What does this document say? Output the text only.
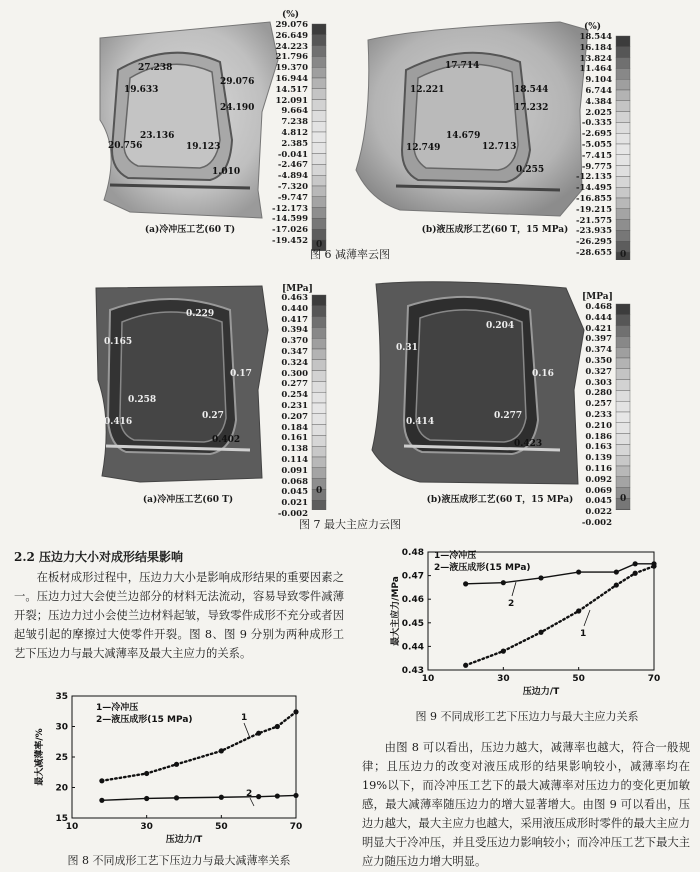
27.238
19.633
29.076
24.190
23.136
20.756	19.123
1.010
17.714
12.221	18.544
17.232
14.679
12.749	12.713
0.255
(%)
29.076
26.649
24.223
21.796
19.370
16.944
14.517
12.091
9.664
7.238
4.812
2.385
-0.041
-2.467
-4.894
-7.320
-9.747
-12.173
-14.599
-17.026
-19.452 0
(%)
18.544
16.184
13.824
11.464
9.104
6.744
4.384
2.025
-0.335
-2.695
-5.055
-7.415
-9.775
-12.135
-14.495
-16.855
-19.215
-21.575
-23.935
-26.295
-28.655 0
(a)冷冲压工艺(60 T)	(b)液压成形工艺(60 T，15 MPa)
图 6 减薄率云图
0.229
0.165
0.17
0.258
0.416
0.27
0.402
0.204
0.31
0.16
0.414
0.277
0.423
[MPa]
0.463
0.440
0.417
0.394
0.370
0.347
0.324
0.300
0.277
0.254
0.231
0.207
0.184
0.161
0.138
0.114
0.091
0.068
0.045
0.021
-0.002
0
[MPa]
0.468
0.444
0.421
0.397
0.374
0.350
0.327
0.303
0.280
0.257
0.233
0.210
0.186
0.163
0.139
0.116
0.092
0.069
0.045
0.022
-0.002
0
(a)冷冲压工艺(60 T)	(b)液压成形工艺(60 T，15 MPa)
图 7 最大主应力云图
2.2 压边力大小对成形结果影响

在板材成形过程中，压边力大小是影响成形结果的重要因素之一。压边力过大会使兰边部分的材料无法流动，容易导致零件减薄开裂；压边力过小会使兰边材料起皱，导致零件成形不充分或者因起皱引起的摩擦过大使零件开裂。图 8、图 9 分别为两种成形工艺下压边力与最大减薄率及最大主应力的关系。

由图 8 可以看出，压边力越大，减薄率也越大，符合一般规律；且压边力的改变对液压成形的结果影响较小，减薄率均在 19%以下，而冷冲压工艺下的最大减薄率对压边力的变化更加敏感，最大减薄率随压边力的增大显著增大。由图 9 可以看出，压边力越大，最大主应力也越大，采用液压成形时零件的最大主应力明显大于冷冲压，并且受压边力影响较小；而冷冲压工艺下最大主应力随压边力增大明显。

10	30	50	70
15
20
25
30
35
压边力/T
最大减薄率/%
1—冷冲压
2—液压成形(15 MPa)	1
2
图 8 不同成形工艺下压边力与最大减薄率关系
10	30	50	70
0.43
0.44
0.45
0.46
0.47
0.48
压边力/T
最大主应力/MPa
1—冷冲压
2—液压成形(15 MPa)
1
2
图 9 不同成形工艺下压边力与最大主应力关系
